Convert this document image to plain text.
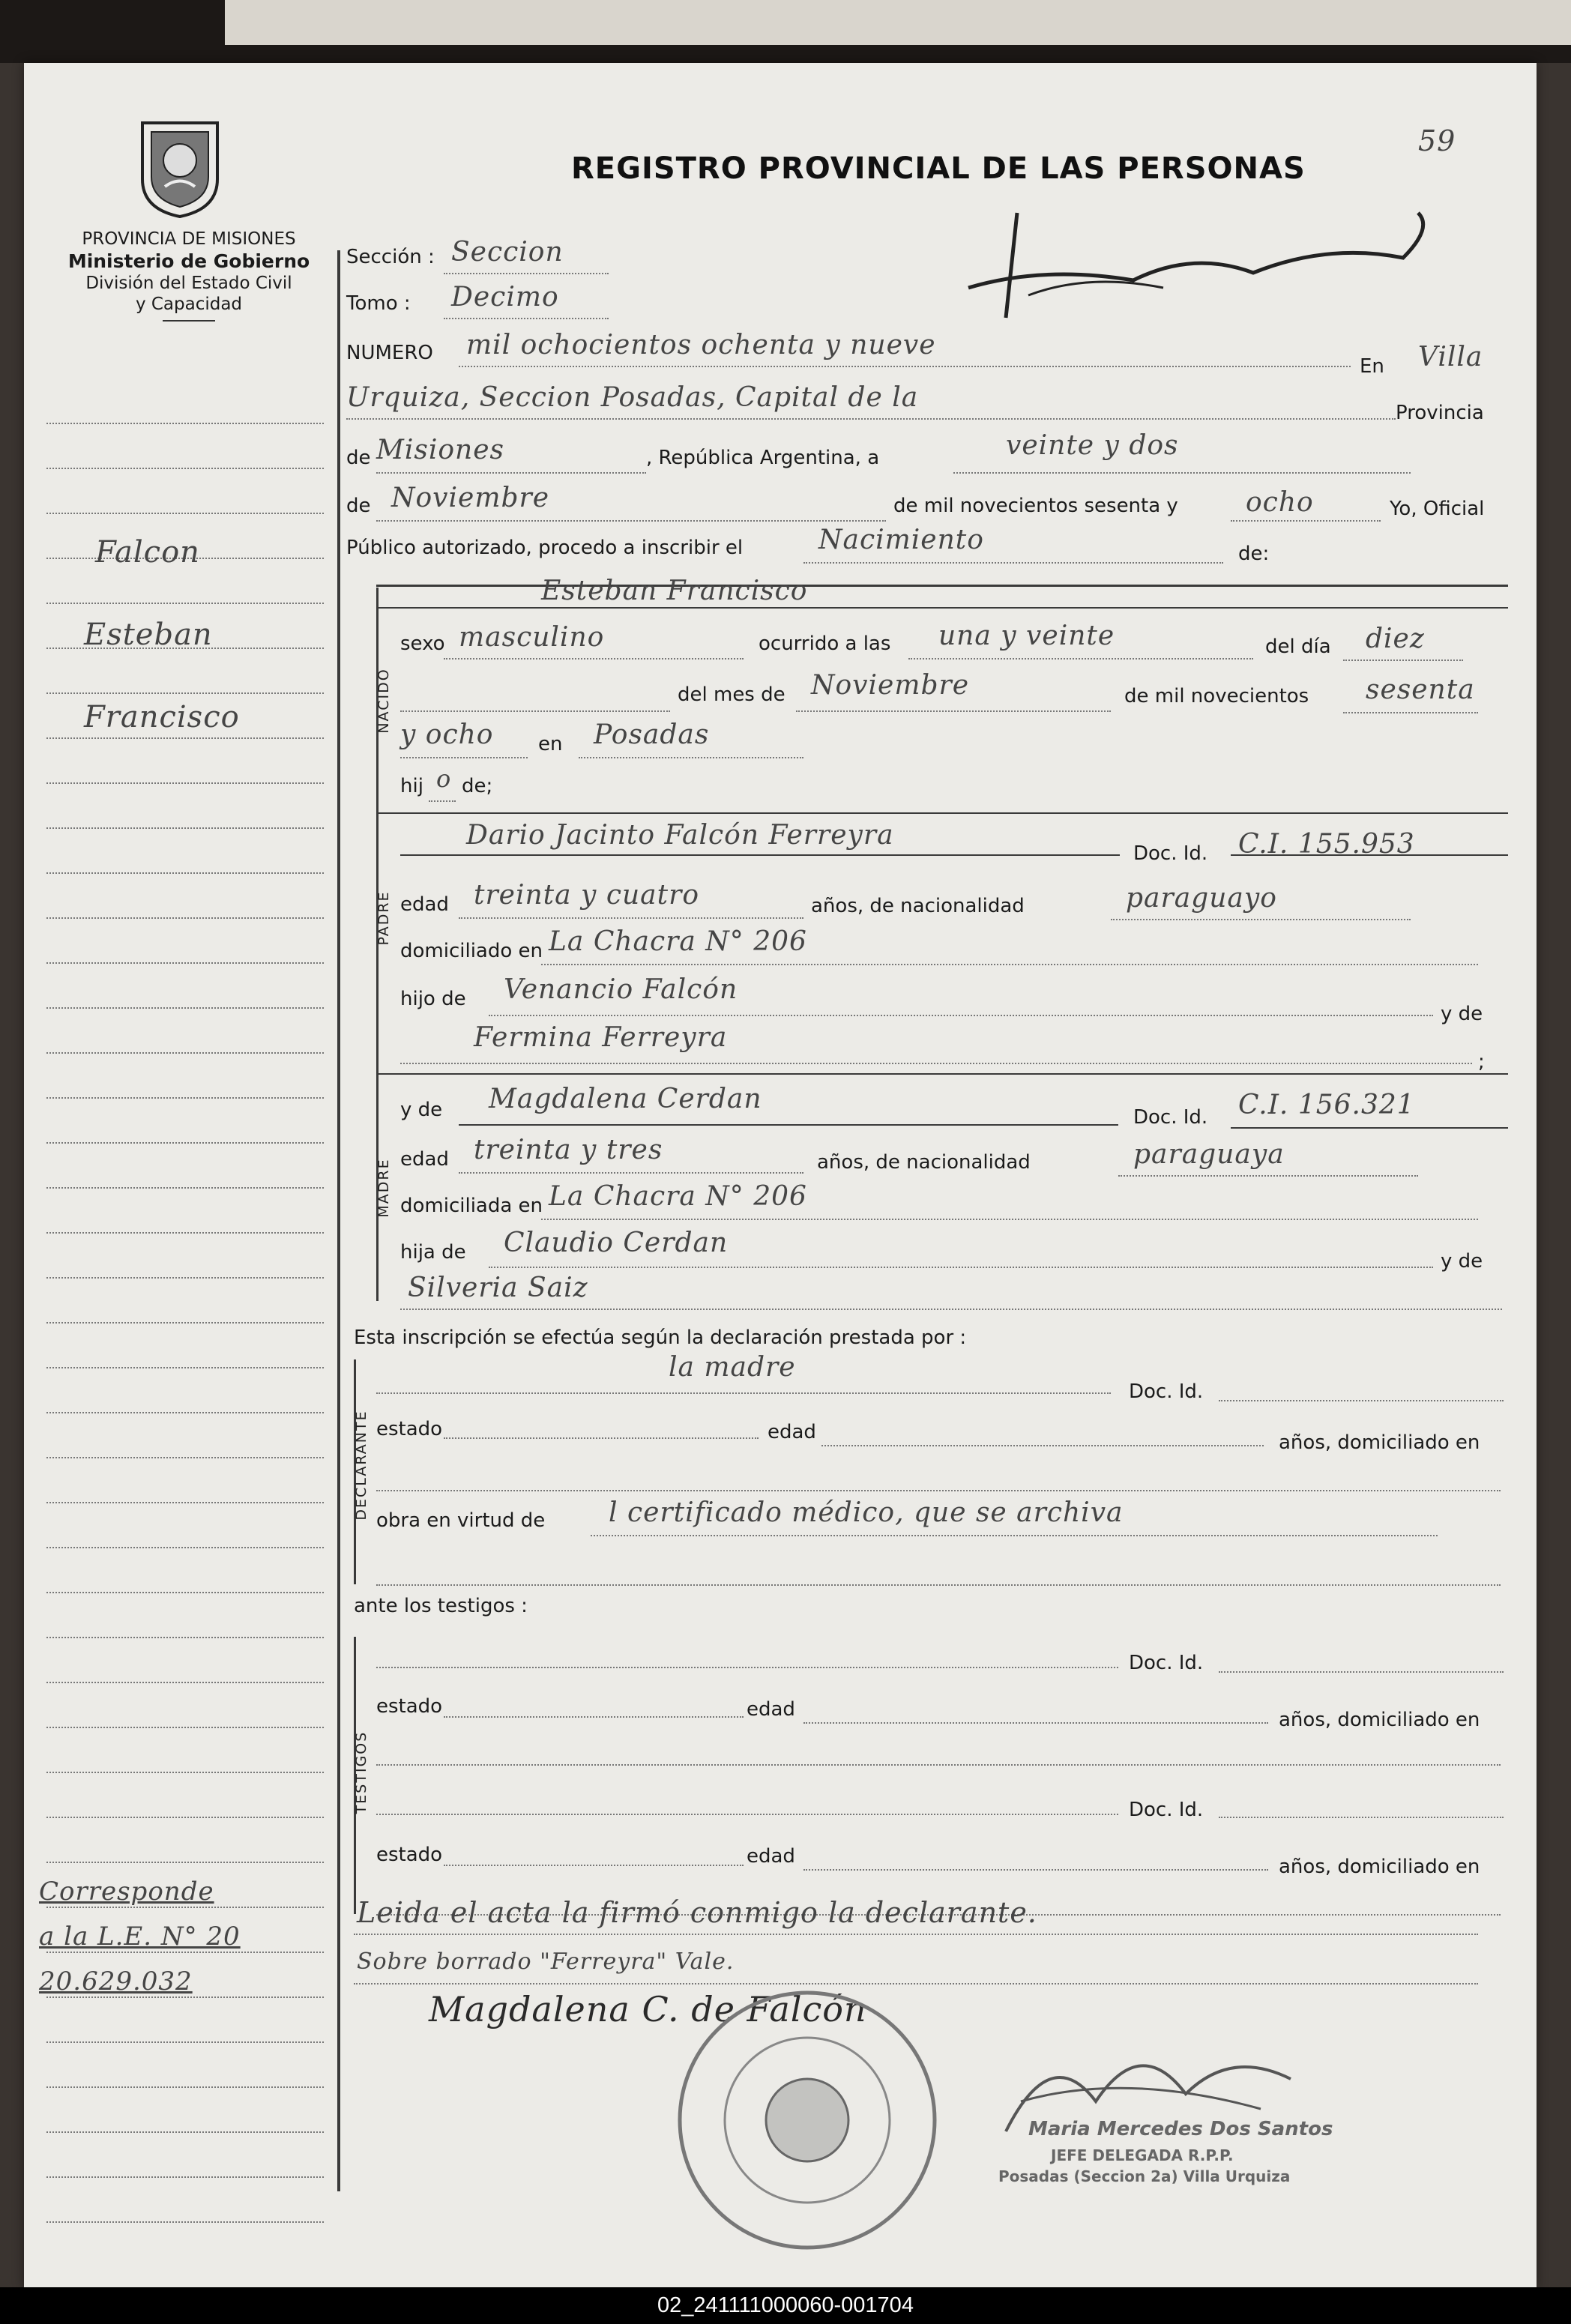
59
PROVINCIA DE MISIONES
Ministerio de Gobierno
División del Estado Civil
y Capacidad
REGISTRO PROVINCIAL DE LAS PERSONAS
Falcon
Esteban
Francisco
Corresponde
a la L.E. N° 20
20.629.032
Sección : Seccion
Tomo : Decimo
NUMERO mil ochocientos ochenta y nueve
En Villa
Urquiza, Seccion Posadas, Capital de la	Provincia
de Misiones	, República Argentina, a	veinte y dos
de Noviembre	de mil novecientos sesenta y	ocho	Yo, Oficial
Público autorizado, procedo a inscribir el	Nacimiento	de:
Esteban Francisco
NACIDO
sexo masculino	ocurrido a las una y veinte	del día diez
del mes de Noviembre	de mil novecientos sesenta
y ocho en Posadas
hij o de;
PADRE
Dario Jacinto Falcón Ferreyra
Doc. Id. C.I. 155.953
edad treinta y cuatro	años, de nacionalidad	paraguayo
domiciliado en La Chacra N° 206
hijo de Venancio Falcón
y de
Fermina Ferreyra
;
MADRE
y de Magdalena Cerdan
Doc. Id. C.I. 156.321
edad treinta y tres	años, de nacionalidad	paraguaya
domiciliada en La Chacra N° 206
hija de Claudio Cerdan
y de
Silveria Saiz
Esta inscripción se efectúa según la declaración prestada por :
DECLARANTE
la madre
Doc. Id.
estado	edad	años, domiciliado en
obra en virtud de l certificado médico, que se archiva
ante los testigos :
TESTIGOS
Doc. Id.
estado	edad	años, domiciliado en
Doc. Id.
estado	edad	años, domiciliado en
Leida el acta la firmó conmigo la declarante.
Sobre borrado "Ferreyra" Vale.
Magdalena C. de Falcón
Maria Mercedes Dos Santos
JEFE DELEGADA R.P.P.
Posadas (Seccion 2a) Villa Urquiza
02_241111000060-001704
